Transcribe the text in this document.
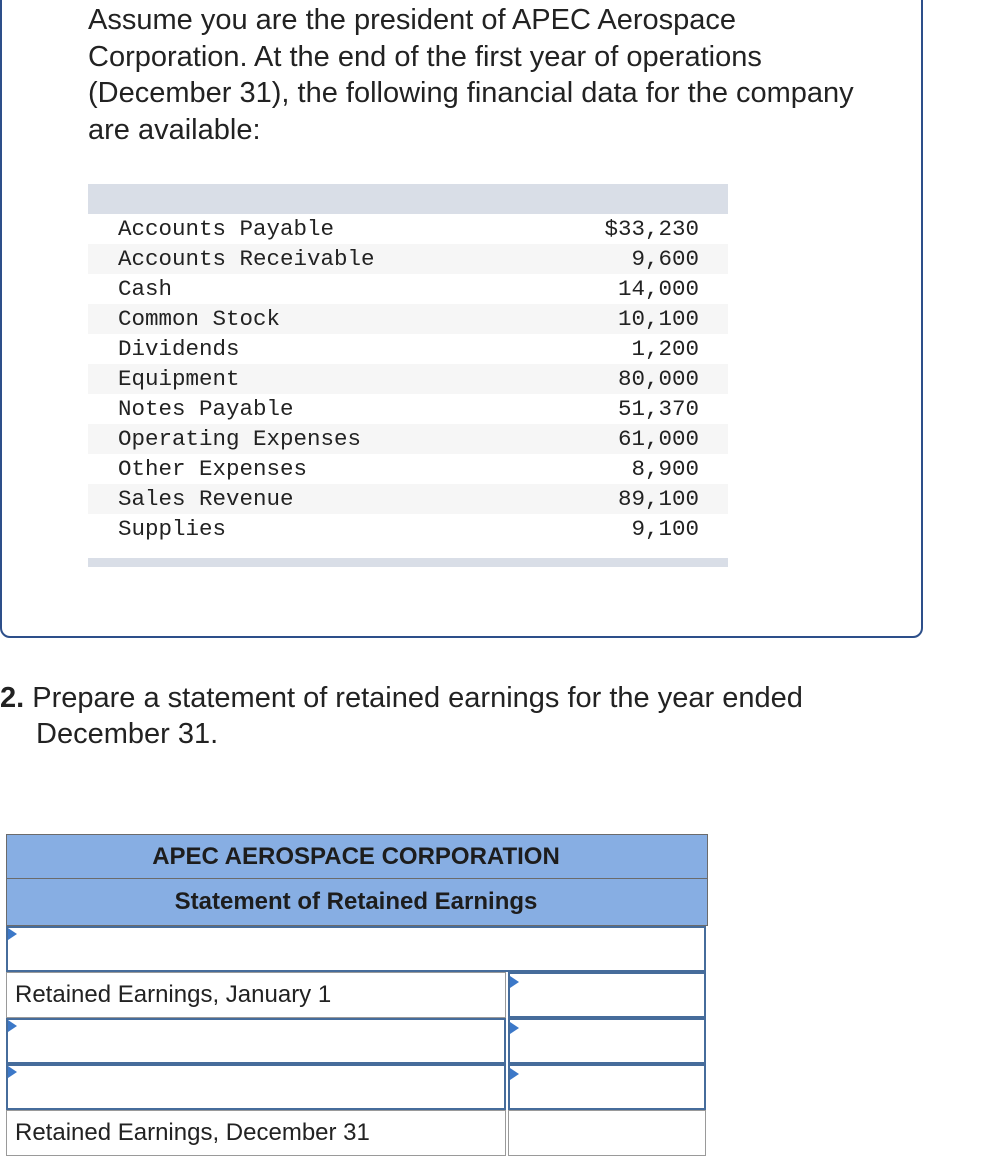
Assume you are the president of APEC Aerospace Corporation. At the end of the first year of operations (December 31), the following financial data for the company are available:

Accounts Payable	$33,230
Accounts Receivable	9,600
Cash	14,000
Common Stock	10,100
Dividends	1,200
Equipment	80,000
Notes Payable	51,370
Operating Expenses	61,000
Other Expenses	8,900
Sales Revenue	89,100
Supplies	9,100
2. Prepare a statement of retained earnings for the year ended
December 31.
APEC AEROSPACE CORPORATION
Statement of Retained Earnings
Retained Earnings, January 1
Retained Earnings, December 31
